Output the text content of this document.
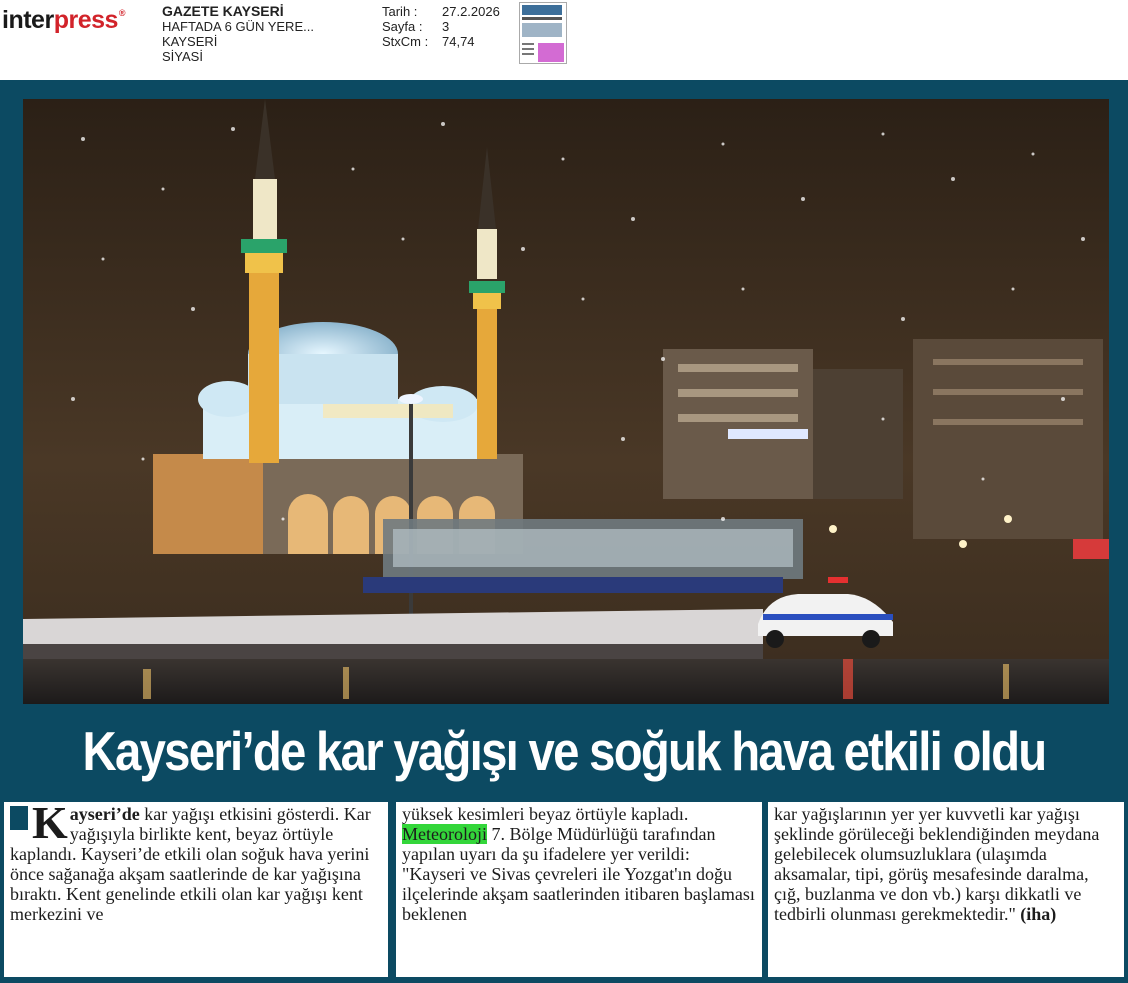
interpress®	GAZETE KAYSERİ
HAFTADA 6 GÜN YERE...
KAYSERİ
SİYASİ
Tarih :	27.2.2026
Sayfa :	3
StxCm :	74,74
Kayseri’de kar yağışı ve soğuk hava etkili oldu

Kayseri’de kar yağışı etkisini gösterdi. Kar yağışıyla birlikte kent, beyaz örtüyle kaplandı. Kayseri’de etkili olan soğuk hava yerini önce sağanağa akşam saatlerinde de kar yağışına bıraktı. Kent genelinde etkili olan kar yağışı kent merkezini ve

yüksek kesimleri beyaz örtüyle kapladı.
Meteoroloji 7. Bölge Müdürlüğü tarafından yapılan uyarı da şu ifadelere yer verildi: "Kayseri ve Sivas çevreleri ile Yozgat'ın doğu ilçelerinde akşam saatlerinden itibaren başlaması beklenen

kar yağışlarının yer yer kuvvetli kar yağışı şeklinde görüleceği beklendiğinden meydana gelebilecek olumsuzluklara (ulaşımda aksamalar, tipi, görüş mesafesinde daralma, çığ, buzlanma ve don vb.) karşı dikkatli ve tedbirli olunması gerekmektedir." (iha)
